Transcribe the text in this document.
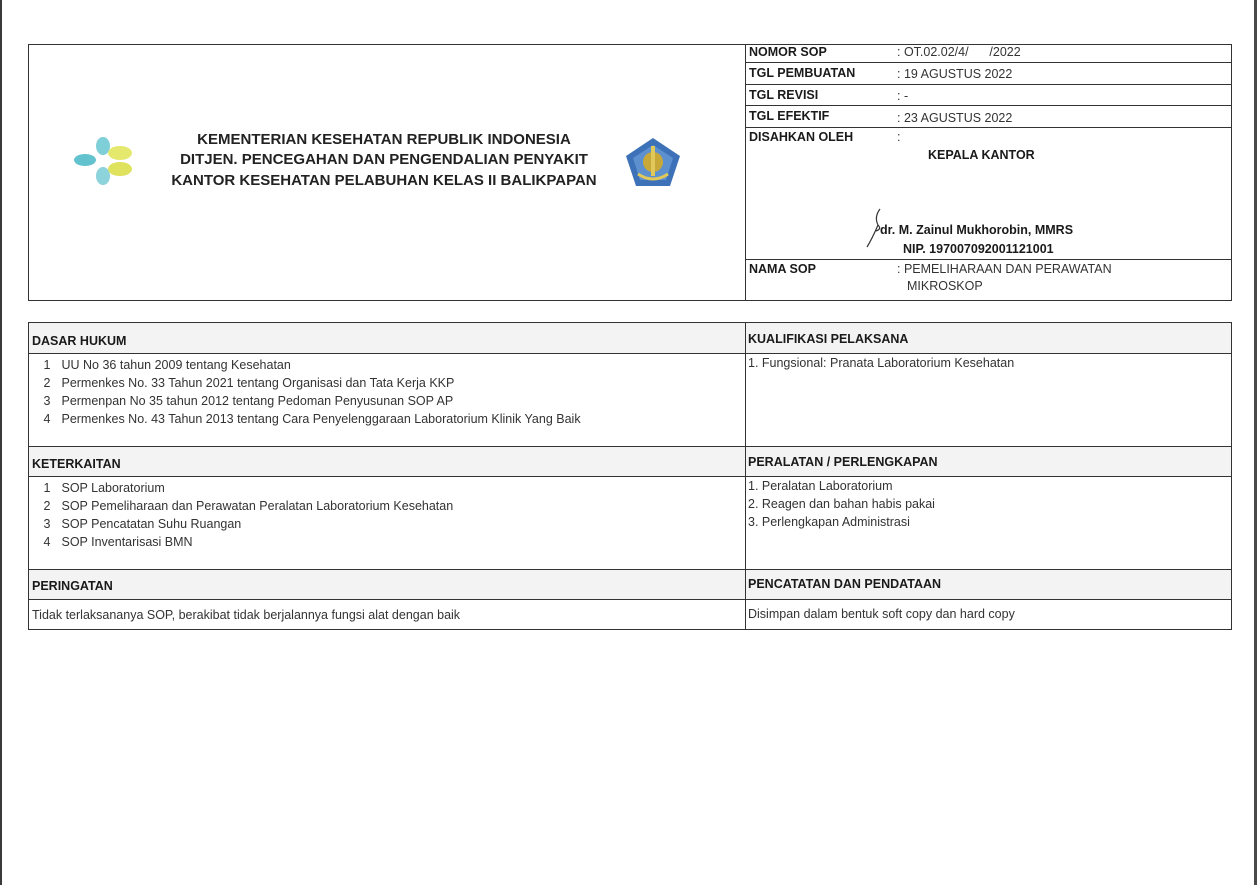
KEMENTERIAN KESEHATAN REPUBLIK INDONESIA
DITJEN. PENCEGAHAN DAN PENGENDALIAN PENYAKIT
KANTOR KESEHATAN PELABUHAN KELAS II BALIKPAPAN
NOMOR SOP	: OT.02.02/4/      /2022
TGL PEMBUATAN	: 19 AGUSTUS 2022
TGL REVISI	: -
TGL EFEKTIF	: 23 AGUSTUS 2022
DISAHKAN OLEH	:
KEPALA KANTOR
dr. M. Zainul Mukhorobin, MMRS
NIP. 197007092001121001
NAMA SOP	: PEMELIHARAAN DAN PERAWATAN
MIKROSKOP
DASAR HUKUM
1 UU No 36 tahun 2009 tentang Kesehatan
2 Permenkes No. 33 Tahun 2021 tentang Organisasi dan Tata Kerja KKP
3 Permenpan No 35 tahun 2012 tentang Pedoman Penyusunan SOP AP
4 Permenkes No. 43 Tahun 2013 tentang Cara Penyelenggaraan Laboratorium Klinik Yang Baik
KUALIFIKASI PELAKSANA
1. Fungsional: Pranata Laboratorium Kesehatan
KETERKAITAN
1 SOP Laboratorium
2 SOP Pemeliharaan dan Perawatan Peralatan Laboratorium Kesehatan
3 SOP Pencatatan Suhu Ruangan
4 SOP Inventarisasi BMN
PERALATAN / PERLENGKAPAN
1. Peralatan Laboratorium
2. Reagen dan bahan habis pakai
3. Perlengkapan Administrasi
PERINGATAN
Tidak terlaksananya SOP, berakibat tidak berjalannya fungsi alat dengan baik
PENCATATAN DAN PENDATAAN
Disimpan dalam bentuk soft copy dan hard copy
